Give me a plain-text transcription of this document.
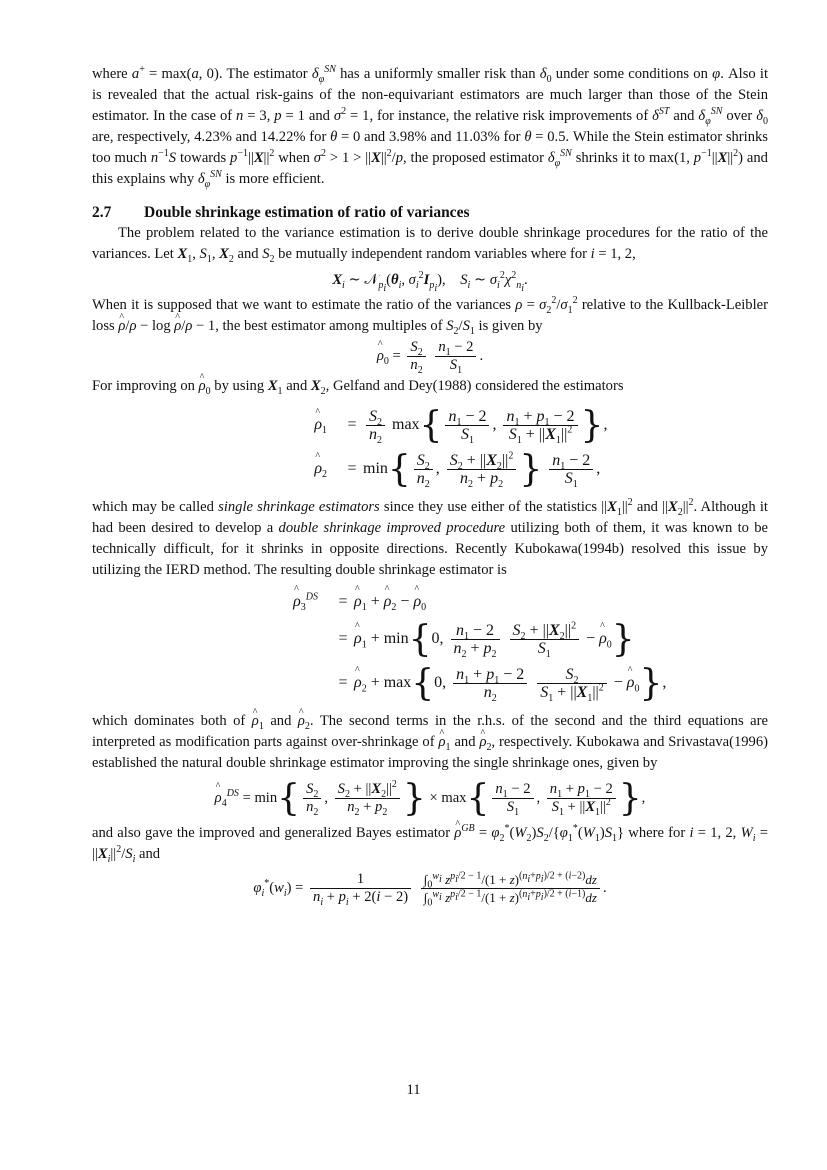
where a+ = max(a, 0). The estimator $\delta_\varphi^{SN}$ has a uniformly smaller risk than $\delta_0$ under some conditions on φ. Also it is revealed that the actual risk-gains of the non-equivariant estimators are much larger than those of the Stein estimator. In the case of n = 3, p = 1 and $\sigma^2 = 1$, for instance, the relative risk improvements of $\delta^{ST}$ and $\delta_\varphi^{SN}$ over $\delta_0$ are, respectively, 4.23% and 14.22% for θ = 0 and 3.98% and 11.03% for θ = 0.5. While the Stein estimator shrinks too much $n^{-1}S$ towards $p^{-1}||X||^2$ when $\sigma^2 > 1 > ||X||^2/p$, the proposed estimator $\delta_\varphi^{SN}$ shrinks it to max(1, $p^{-1}||X||^2$) and this explains why $\delta_\varphi^{SN}$ is more efficient.

2.7 Double shrinkage estimation of ratio of variances

The problem related to the variance estimation is to derive double shrinkage procedures for the ratio of the variances. Let $X_1$, $S_1$, $X_2$ and $S_2$ be mutually independent random variables where for i = 1, 2,

$X_i$ ∼ $𝒩_{p_i}(\theta_i$, $\sigma_i^2I_{p_i}$),    $S_i$ ∼ $\sigma_i^2\chi^2_{n_i}$.

When it is supposed that we want to estimate the ratio of the variances $\rho = \sigma_2^2/\sigma_1^2$ relative to the Kullback-Leibler loss ^ ρ/ρ − log ^ ρ/ρ − 1, the best estimator among multiples of $S_2/S_1$ is given by

^ $\rho_0 = \frac{S_2}{n_2}$
$\frac{n_1 - 2}{S_1}$ .

For improving on ^ $\rho_0$ by using $X_1$ and $X_2$, Gelfand and Dey(1988) considered the estimators

^ $\rho_1$	= $\frac{S_2}{n_2} \max\{ \frac{n_1 - 2}{S_1}$ , $\frac{n_1 + p_1 - 2}{S_1 + ||X_1||^2}$ },
^ $\rho_2$	= $\min\{ \frac{S_2}{n_2}$ , $\frac{S_2 + ||X_2||^2}{n_2 + p_2}$ } $\frac{n_1 - 2}{S_1}$ ,

which may be called single shrinkage estimators since they use either of the statistics $||X_1||^2$ and $||X_2||^2$. Although it had been desired to develop a double shrinkage improved procedure utilizing both of them, it was known to be technically difficult, for it shrinks in opposite directions. Recently Kubokawa(1994b) resolved this issue by utilizing the IERD method. The resulting double shrinkage estimator is

^ $\rho_3^{DS}$	= ^ $\rho_1$ + ^ $\rho_2$ − ^ $\rho_0$
= ^ $\rho_1 + \min\{0$, $\frac{n_1 - 2}{n_2 + p_2}$
$\frac{S_2 + ||X_2||^2}{S_1}$ − ^ $\rho_0$}
= ^ $\rho_2 + \max\{0$, $\frac{n_1 + p_1 - 2}{n_2}$
$\frac{S_2}{S_1 + ||X_1||^2}$ − ^ $\rho_0$},

which dominates both of ^ $\rho_1$ and ^ $\rho_2$. The second terms in the r.h.s. of the second and the third equations are interpreted as modification parts against over-shrinkage of ^ $\rho_1$ and ^ $\rho_2$, respectively. Kubokawa and Srivastava(1996) established the natural double shrinkage estimator improving the single shrinkage ones, given by

^ $\rho_4^{DS} = \min\{ \frac{S_2}{n_2}$ , $\frac{S_2 + ||X_2||^2}{n_2 + p_2}$ } × $\max\{ \frac{n_1 - 2}{S_1}$ , $\frac{n_1 + p_1 - 2}{S_1 + ||X_1||^2}$ },

and also gave the improved and generalized Bayes estimator ^ $\rho^{GB} = \varphi_2^*(W_2)S_2/\{\varphi_1^*(W_1)S_1\}$ where for i = 1, 2, $W_i = ||X_i||^2/S_i$ and

$\varphi_i^*(w_i) = \frac{1}{n_i + p_i + 2(i - 2)}$
$\frac{\int_0^{w_i} z^{p_i/2 - 1}/(1 + z)^{(n_i+p_i)/2 + (i-2)}dz}{\int_0^{w_i} z^{p_i/2 - 1}/(1 + z)^{(n_i+p_i)/2 + (i-1)}dz}$ .
11
